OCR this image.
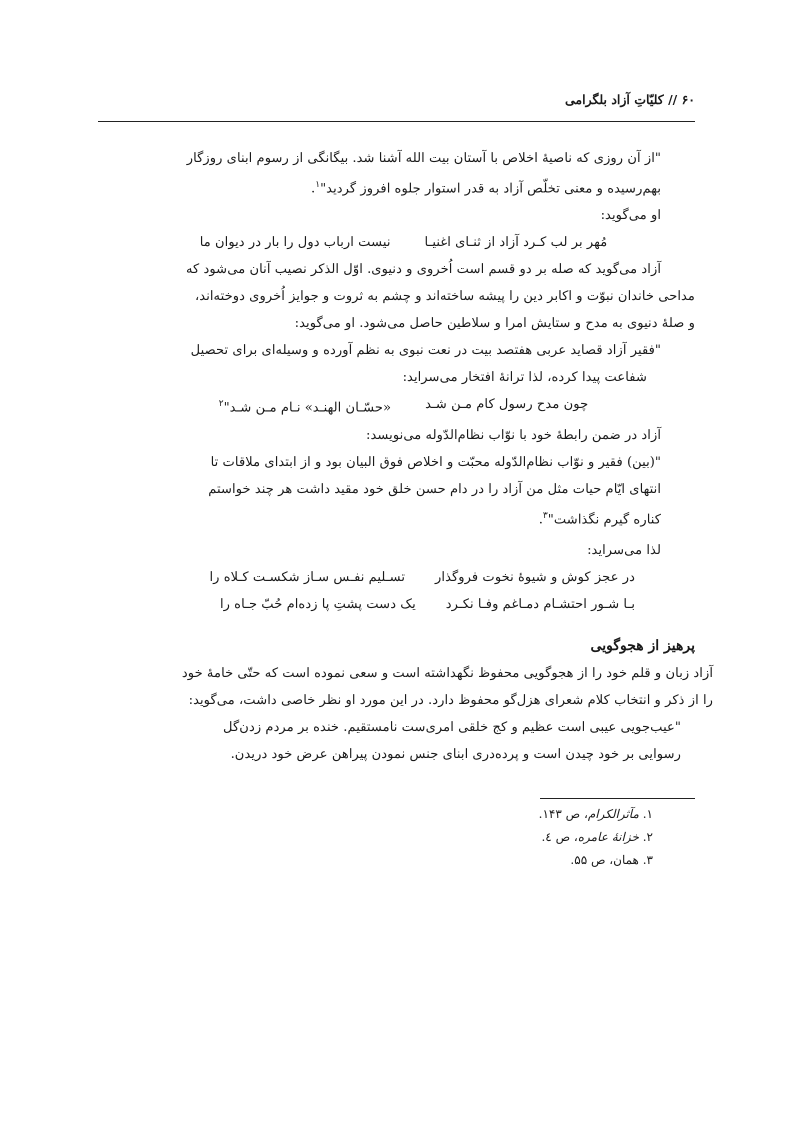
۶۰ // کلیّاتِ آزاد بلگرامی
"از آن روزی که ناصیهٔ اخلاص با آستان بیت الله آشنا شد. بیگانگی از رسوم ابنای روزگار
بهم‌رسیده و معنی تخلّص آزاد به قدر استوار جلوه افروز گردید"$^۱$.
او می‌گوید:
مُهر بر لب کـرد آزاد از ثنـای اغنیـا
نیست ارباب دول را بار در دیوان ما
آزاد می‌گوید که صله بر دو قسم است اُخروی و دنیوی. اوّل الذکر نصیب آنان می‌شود که
مداحی خاندان نبوّت و اکابر دین را پیشه ساخته‌اند و چشم به ثروت و جوایز اُخروی دوخته‌اند،
و صلهٔ دنیوی به مدح و ستایش امرا و سلاطین حاصل می‌شود. او می‌گوید:
"فقیر آزاد قصاید عربی هفتصد بیت در نعت نبوی به نظم آورده و وسیله‌ای برای تحصیل
شفاعت پیدا کرده، لذا ترانهٔ افتخار می‌سراید:
چون مدح رسول کام مـن شـد
«حسّـان الهنـد» نـام مـن شـد"$^۲$
آزاد در ضمن رابطهٔ خود با نوّاب نظام‌الدّوله می‌نویسد:
"(بین) فقیر و نوّاب نظام‌الدّوله محبّت و اخلاص فوق البیان بود و از ابتدای ملاقات تا
انتهای ایّام حیات مثل من آزاد را در دام حسن خلق خود مقید داشت هر چند خواستم
کناره گیرم نگذاشت"$^۳$.
لذا می‌سراید:
در عجز کوش و شیوهٔ نخوت فروگذار
تسـلیم نفـس سـاز شکسـت کـلاه را
بـا شـور احتشـام دمـاغم وفـا نکـرد
یک دست پشتِ پا زده‌ام حُبّ جـاه را
پرهیز از هجوگویی
آزاد زبان و قلم خود را از هجوگویی محفوظ نگهداشته است و سعی نموده است که حتّی خامهٔ خود
را از ذکر و انتخاب کلام شعرای هزل‌گو محفوظ دارد. در این مورد او نظر خاصی داشت، می‌گوید:
"عیب‌جویی عیبی است عظیم و کج خلقی امری‌ست نامستقیم. خنده بر مردم زدن‌گل
رسوایی بر خود چیدن است و پرده‌دری ابنای جنس نمودن پیراهن عرض خود دریدن.
۱. مآثرالکرام، ص ۱۴۳.
۲. خزانهٔ عامره، ص ٤.
۳. همان، ص ۵۵.
